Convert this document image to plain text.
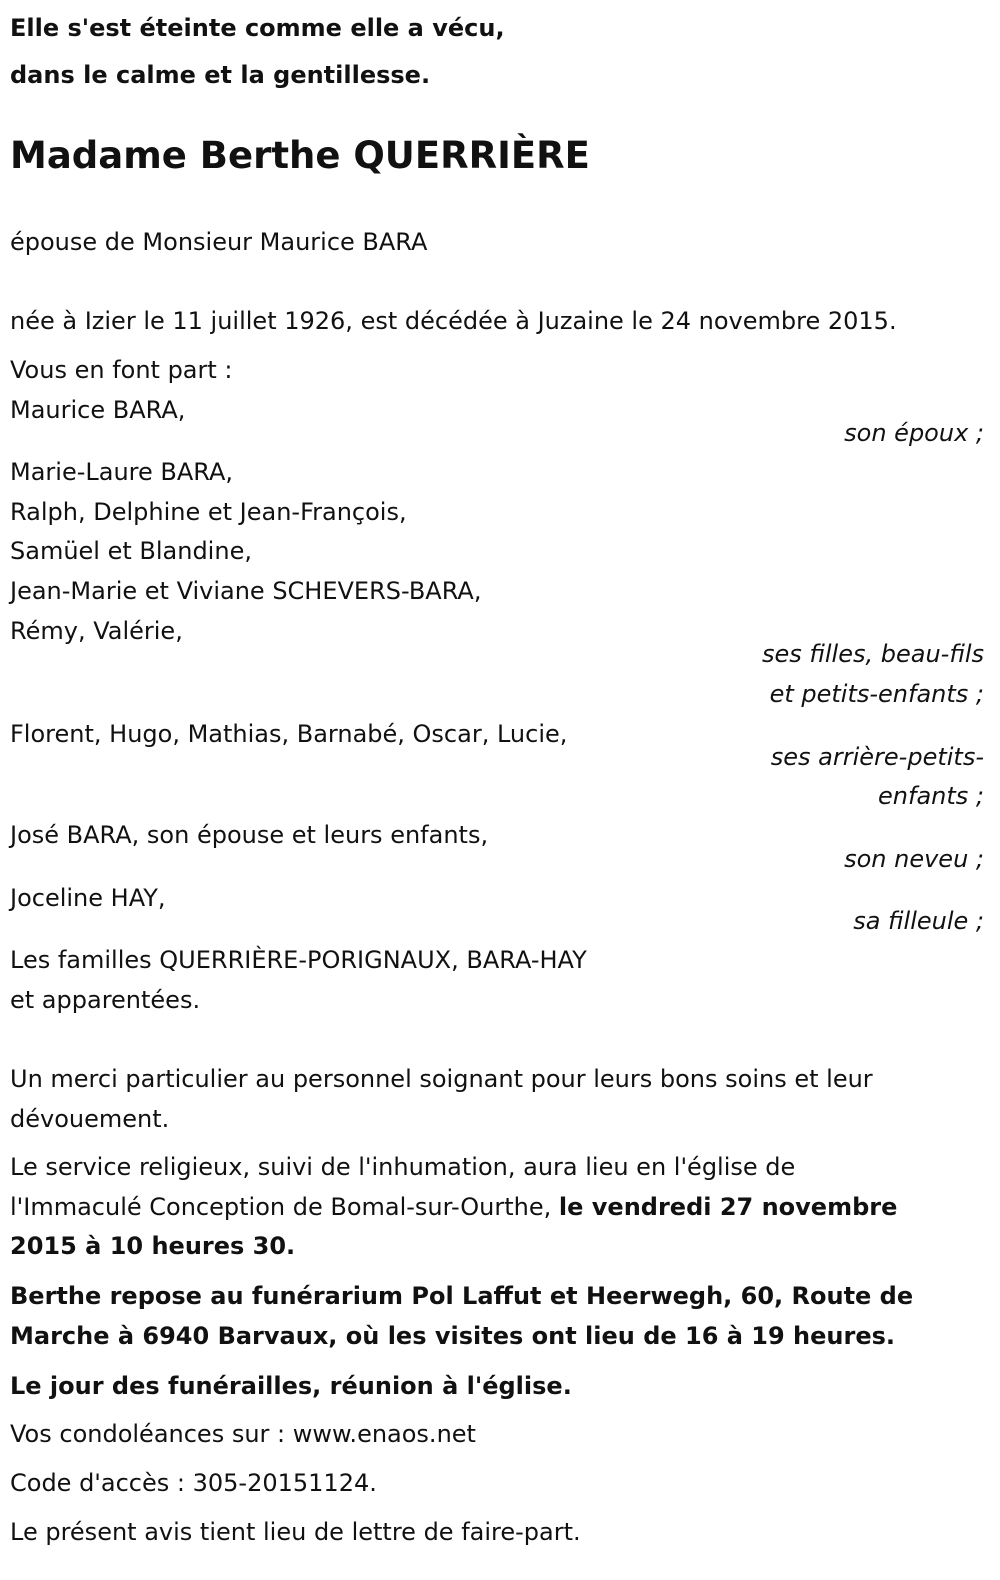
Elle s'est éteinte comme elle a vécu,
dans le calme et la gentillesse.
Madame Berthe QUERRIÈRE
épouse de Monsieur Maurice BARA
née à Izier le 11 juillet 1926, est décédée à Juzaine le 24 novembre 2015.
Vous en font part :
Maurice BARA,
son époux ;
Marie-Laure BARA,
Ralph, Delphine et Jean-François,
Samüel et Blandine,
Jean-Marie et Viviane SCHEVERS-BARA,
Rémy, Valérie,
ses filles, beau-fils
et petits-enfants ;
Florent, Hugo, Mathias, Barnabé, Oscar, Lucie,
ses arrière-petits-
enfants ;
José BARA, son épouse et leurs enfants,
son neveu ;
Joceline HAY,
sa filleule ;
Les familles QUERRIÈRE-PORIGNAUX, BARA-HAY
et apparentées.
Un merci particulier au personnel soignant pour leurs bons soins et leur
dévouement.
Le service religieux, suivi de l'inhumation, aura lieu en l'église de
l'Immaculé Conception de Bomal-sur-Ourthe, le vendredi 27 novembre
2015 à 10 heures 30.
Berthe repose au funérarium Pol Laffut et Heerwegh, 60, Route de
Marche à 6940 Barvaux, où les visites ont lieu de 16 à 19 heures.
Le jour des funérailles, réunion à l'église.
Vos condoléances sur : www.enaos.net
Code d'accès : 305-20151124.
Le présent avis tient lieu de lettre de faire-part.
